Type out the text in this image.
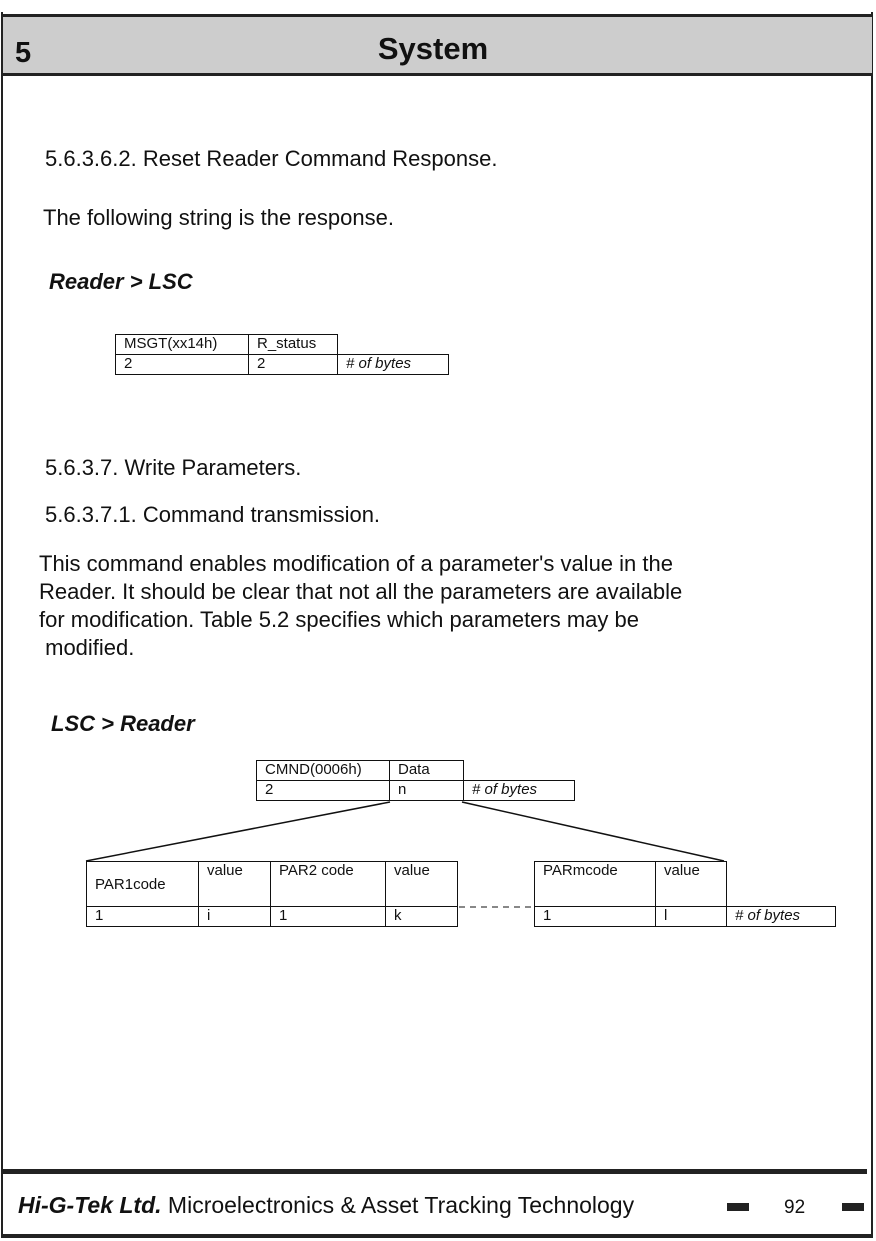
5	System
5.6.3.6.2. Reset Reader Command Response.
The following string is the response.
Reader > LSC
MSGT(xx14h)	R_status	
2	2	# of bytes
5.6.3.7. Write Parameters.
5.6.3.7.1. Command transmission.
This command enables modification of a parameter's value in the
Reader. It should be clear that not all the parameters are available
for modification. Table 5.2 specifies which parameters may be
modified.
LSC > Reader
CMND(0006h)	Data	
2	n	# of bytes
PAR1code	value	PAR2 code	value
1	i	1	k
PARmcode	value	
1	l	# of bytes
Hi-G-Tek Ltd. Microelectronics & Asset Tracking Technology	92
